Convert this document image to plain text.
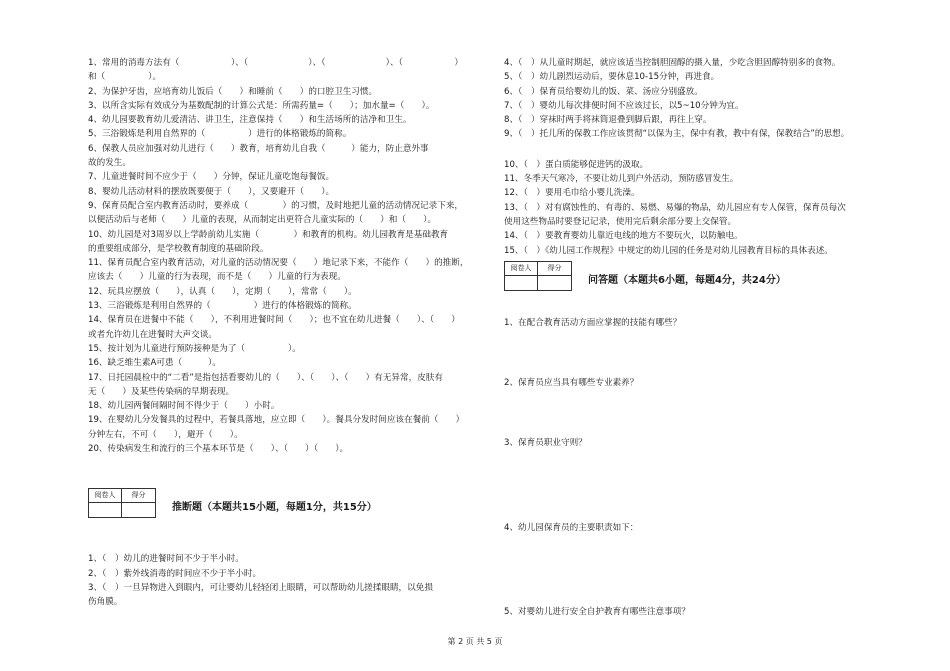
1、常用的消毒方法有（　　　　　　）、（　　　　　　　）、（　　　　　　　）、（　　　　　　）
和（　　　　　）。
2、为保护牙齿，应培育幼儿饭后（　　）和睡前（　　）的口腔卫生习惯。
3、以所含实际有效成分为基数配制的计算公式是：所需药量=（　　）；加水量=（　　）。
4、幼儿园要教育幼儿爱清洁、讲卫生，注意保持（　　）和生活场所的洁净和卫生。
5、三浴锻炼是利用自然界的（　　　　　）进行的体格锻炼的简称。
6、保教人员应加强对幼儿进行（　　）教育，培育幼儿自我（　　　）能力，防止意外事
故的发生。
7、儿童进餐时间不应少于（　　）分钟，保证儿童吃饱每餐饭。
8、婴幼儿活动材料的摆放既要便于（　　），又要避开（　　）。
9、保育员配合室内教育活动时，要养成（　　　　）的习惯，及时地把儿童的活动情况记录下来，
以便活动后与老师（　　）儿童的表现，从而制定出更符合儿童实际的（　　）和（　　）。
10、幼儿园是对3周岁以上学龄前幼儿实施（　　　　）和教育的机构。幼儿园教育是基础教育
的重要组成部分，是学校教育制度的基础阶段。
11、保育员配合室内教育活动，对儿童的活动情况要（　　）地记录下来，不能作（　　）的推断，
应该去（　　）儿童的行为表现，而不是（　　）儿童的行为表现。
12、玩具应摆放（　　），认真（　　），定期（　　），常常（　　）。
13、三浴锻炼是利用自然界的（　　　　　）进行的体格锻炼的简称。
14、保育员在进餐中不能（　　），不利用进餐时间（　　）；也不宜在幼儿进餐（　　）、（　　）
或者允许幼儿在进餐时大声交谈。
15、按计划为儿童进行预防接种是为了（　　　　　）。
16、缺乏维生素A可患（　　　）。
17、日托园晨检中的“二看”是指包括看婴幼儿的（　　）、（　　）、（　　）有无异常，皮肤有
无（　　）及某些传染病的早期表现。
18、幼儿园两餐间隔时间不得少于（　　）小时。
19、在婴幼儿分发餐具的过程中，若餐具落地，应立即（　　）。餐具分发时间应该在餐前（　　）
分钟左右，不可（　　），避开（　　）。
20、传染病发生和流行的三个基本环节是（　　）、（　　）（　　）。
阅卷人	得分
推断题（本题共15小题，每题1分，共15分）
1、（　）幼儿的进餐时间不少于半小时。
2、（　）紫外线消毒的时间应不少于半小时。
3、（　）一旦异物进入到眼内，可让婴幼儿轻轻闭上眼睛，可以帮助幼儿搓揉眼睛，以免损
伤角膜。
4、（　）从儿童时期起，就应该适当控制胆固醇的摄入量，少吃含胆固醇特别多的食物。
5、（　）幼儿剧烈运动后，要休息10-15分钟，再进食。
6、（　）保育员给婴幼儿的饭、菜、汤应分别盛放。
7、（　）婴幼儿每次排便时间不应该过长，以5~10分钟为宜。
8、（　）穿袜时两手将袜筒退叠到脚后跟，再往上穿。
9、（　）托儿所的保教工作应该贯彻“以保为主，保中有教，教中有保，保教结合”的思想。
10、（　）蛋白质能够促进钙的汲取。
11、冬季天气寒冷，不要让幼儿到户外活动，预防感冒发生。
12、（　）要用毛巾给小婴儿洗澡。
13、（　）对有腐蚀性的、有毒的、易燃、易爆的物品，幼儿园应有专人保管，保育员每次
使用这些物品时要登记记录，使用完后剩余部分要上交保管。
14、（　）要教育婴幼儿靠近电线的地方不要玩火，以防触电。
15、（　）《幼儿园工作规程》中规定的幼儿园的任务是对幼儿园教育目标的具体表述。
阅卷人	得分
问答题（本题共6小题，每题4分，共24分）
1、在配合教育活动方面应掌握的技能有哪些？
2、保育员应当具有哪些专业素养？
3、保育员职业守则？
4、幼儿园保育员的主要职责如下：
5、对婴幼儿进行安全自护教育有哪些注意事项？
第 2 页 共 5 页
